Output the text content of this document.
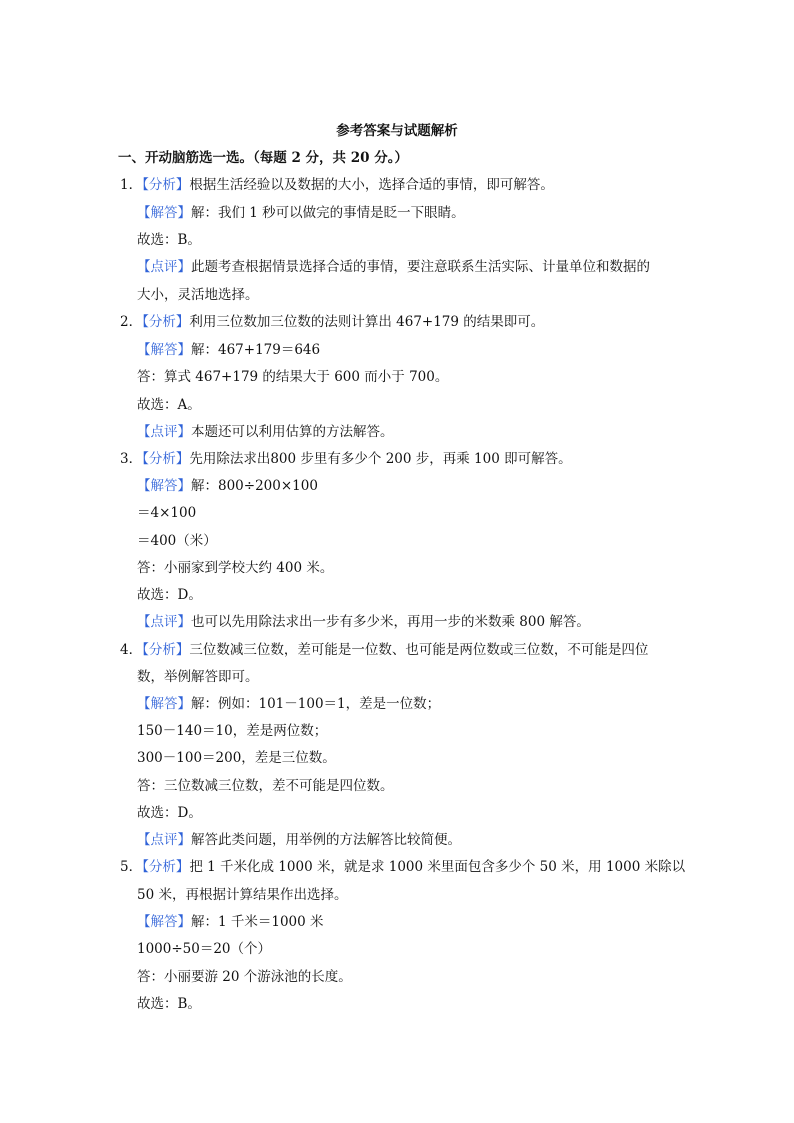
参考答案与试题解析
一、开动脑筋选一选。（每题 2 分，共 20 分。）
1．【分析】根据生活经验以及数据的大小，选择合适的事情，即可解答。
【解答】解：我们 1 秒可以做完的事情是眨一下眼睛。
故选：B。
【点评】此题考查根据情景选择合适的事情，要注意联系生活实际、计量单位和数据的
大小，灵活地选择。
2．【分析】利用三位数加三位数的法则计算出 467+179 的结果即可。
【解答】解：467+179＝646
答：算式 467+179 的结果大于 600 而小于 700。
故选：A。
【点评】本题还可以利用估算的方法解答。
3．【分析】先用除法求出800 步里有多少个 200 步，再乘 100 即可解答。
【解答】解：800÷200×100
＝4×100
＝400（米）
答：小丽家到学校大约 400 米。
故选：D。
【点评】也可以先用除法求出一步有多少米，再用一步的米数乘 800 解答。
4．【分析】三位数减三位数，差可能是一位数、也可能是两位数或三位数，不可能是四位
数，举例解答即可。
【解答】解：例如：101－100＝1，差是一位数；
150－140＝10，差是两位数；
300－100＝200，差是三位数。
答：三位数减三位数，差不可能是四位数。
故选：D。
【点评】解答此类问题，用举例的方法解答比较简便。
5．【分析】把 1 千米化成 1000 米，就是求 1000 米里面包含多少个 50 米，用 1000 米除以
50 米，再根据计算结果作出选择。
【解答】解：1 千米＝1000 米
1000÷50＝20（个）
答：小丽要游 20 个游泳池的长度。
故选：B。
